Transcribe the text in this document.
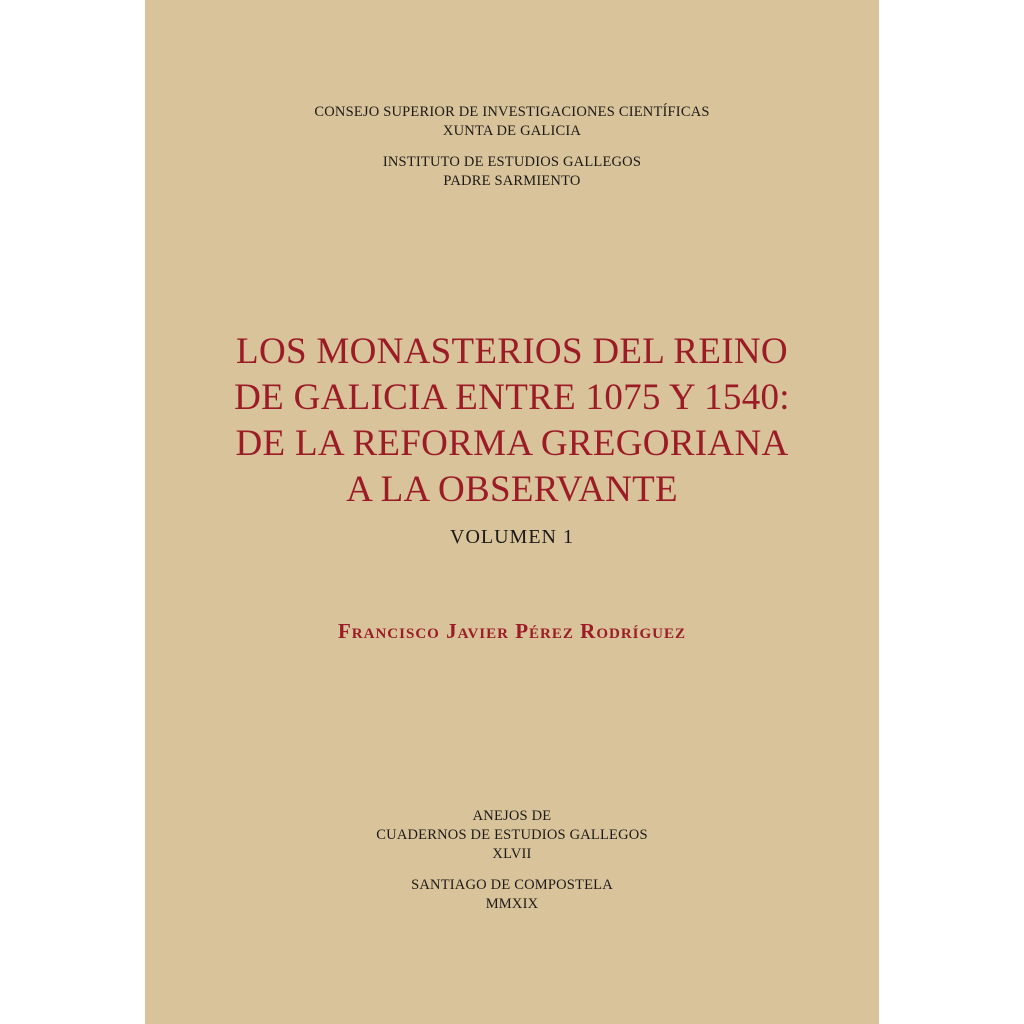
CONSEJO SUPERIOR DE INVESTIGACIONES CIENTÍFICAS
XUNTA DE GALICIA
INSTITUTO DE ESTUDIOS GALLEGOS
PADRE SARMIENTO
LOS MONASTERIOS DEL REINO
DE GALICIA ENTRE 1075 Y 1540:
DE LA REFORMA GREGORIANA
A LA OBSERVANTE
VOLUMEN 1
Francisco Javier Pérez Rodríguez
ANEJOS DE
CUADERNOS DE ESTUDIOS GALLEGOS
XLVII
SANTIAGO DE COMPOSTELA
MMXIX
